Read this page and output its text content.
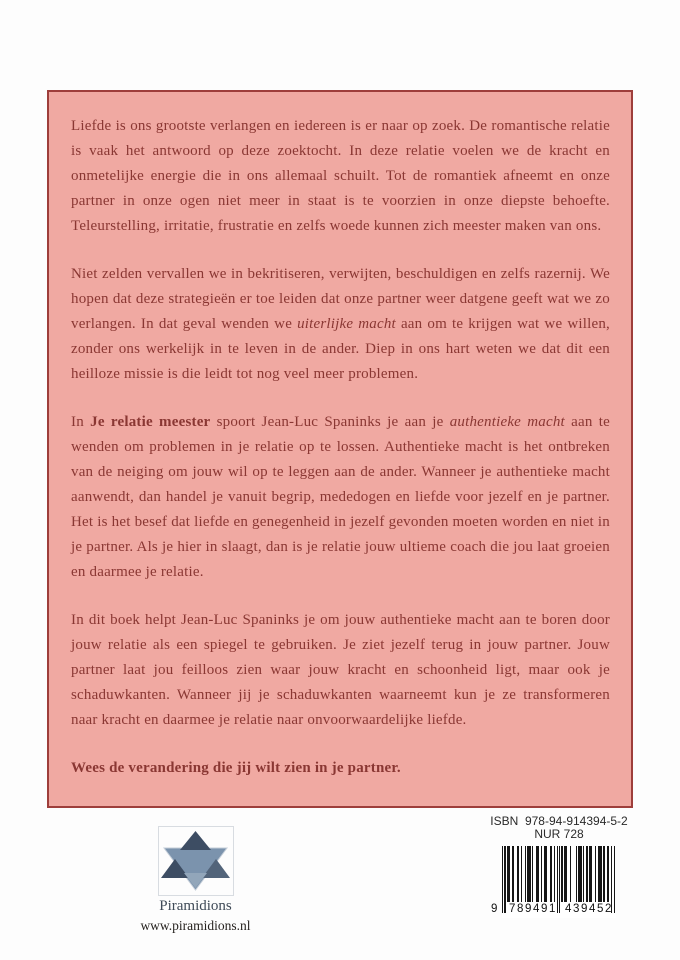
Liefde is ons grootste verlangen en iedereen is er naar op zoek. De romantische relatie is vaak het antwoord op deze zoektocht. In deze relatie voelen we de kracht en onmetelijke energie die in ons allemaal schuilt. Tot de romantiek afneemt en onze partner in onze ogen niet meer in staat is te voorzien in onze diepste behoefte. Teleurstelling, irritatie, frustratie en zelfs woede kunnen zich meester maken van ons.

Niet zelden vervallen we in bekritiseren, verwijten, beschuldigen en zelfs razernij. We hopen dat deze strategieën er toe leiden dat onze partner weer datgene geeft wat we zo verlangen. In dat geval wenden we uiterlijke macht aan om te krijgen wat we willen, zonder ons werkelijk in te leven in de ander. Diep in ons hart weten we dat dit een heilloze missie is die leidt tot nog veel meer problemen.

In Je relatie meester spoort Jean-Luc Spaninks je aan je authentieke macht aan te wenden om problemen in je relatie op te lossen. Authentieke macht is het ontbreken van de neiging om jouw wil op te leggen aan de ander. Wanneer je authentieke macht aanwendt, dan handel je vanuit begrip, mededogen en liefde voor jezelf en je partner. Het is het besef dat liefde en genegenheid in jezelf gevonden moeten worden en niet in je partner. Als je hier in slaagt, dan is je relatie jouw ultieme coach die jou laat groeien en daarmee je relatie.

In dit boek helpt Jean-Luc Spaninks je om jouw authentieke macht aan te boren door jouw relatie als een spiegel te gebruiken. Je ziet jezelf terug in jouw partner. Jouw partner laat jou feilloos zien waar jouw kracht en schoonheid ligt, maar ook je schaduwkanten. Wanneer jij je schaduwkanten waarneemt kun je ze transformeren naar kracht en daarmee je relatie naar onvoorwaardelijke liefde.

Wees de verandering die jij wilt zien in je partner.

Piramidions
www.piramidions.nl
ISBN  978-94-914394-5-2
NUR 728
9 789491 439452
